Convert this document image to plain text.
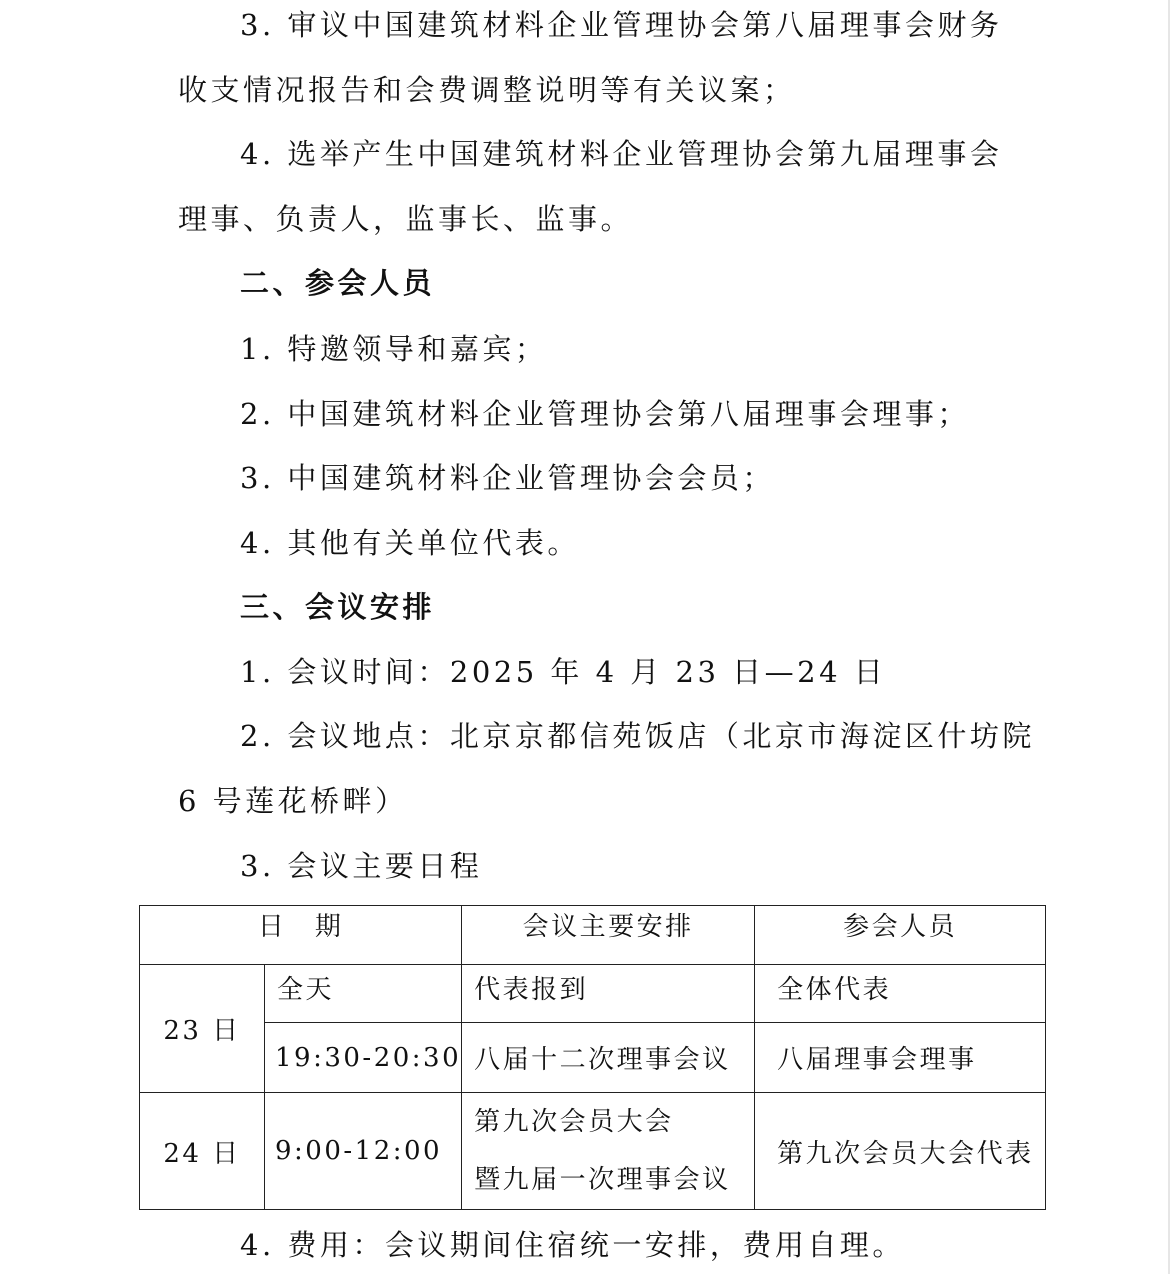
3. 审议中国建筑材料企业管理协会第八届理事会财务
收支情况报告和会费调整说明等有关议案；
4. 选举产生中国建筑材料企业管理协会第九届理事会
理事、负责人，监事长、监事。
二、参会人员
1. 特邀领导和嘉宾；
2. 中国建筑材料企业管理协会第八届理事会理事；
3. 中国建筑材料企业管理协会会员；
4. 其他有关单位代表。
三、会议安排
1. 会议时间：2025 年 4 月 23 日—24 日
2. 会议地点：北京京都信苑饭店（北京市海淀区什坊院
6 号莲花桥畔）
3. 会议主要日程
日　期		会议主要安排	参会人员
23 日	全天	代表报到	全体代表
	19:30-20:30	八届十二次理事会议	八届理事会理事
24 日	9:00-12:00	第九次会员大会
暨九届一次理事会议	第九次会员大会代表
4. 费用：会议期间住宿统一安排，费用自理。
